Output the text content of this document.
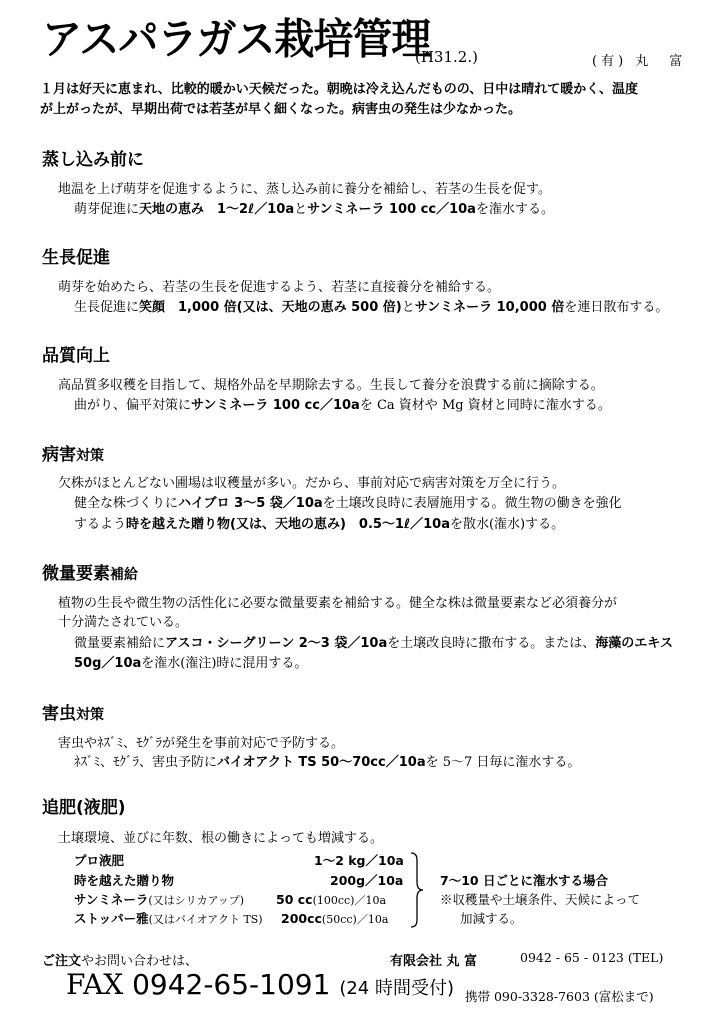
アスパラガス栽培管理
(H31.2.)	(有) 丸　富
１月は好天に恵まれ、比較的暖かい天候だった。朝晩は冷え込んだものの、日中は晴れて暖かく、温度
が上がったが、早期出荷では若茎が早く細くなった。病害虫の発生は少なかった。
蒸し込み前に
地温を上げ萌芽を促進するように、蒸し込み前に養分を補給し、若茎の生長を促す。
萌芽促進に天地の恵み　1～2ℓ／10aとサンミネーラ 100 cc／10aを潅水する。
生長促進
萌芽を始めたら、若茎の生長を促進するよう、若茎に直接養分を補給する。
生長促進に笑顔　1,000 倍(又は、天地の恵み 500 倍)とサンミネーラ 10,000 倍を連日散布する。
品質向上
高品質多収穫を目指して、規格外品を早期除去する。生長して養分を浪費する前に摘除する。
曲がり、偏平対策にサンミネーラ 100 cc／10aを Ca 資材や Mg 資材と同時に潅水する。
病害対策
欠株がほとんどない圃場は収穫量が多い。だから、事前対応で病害対策を万全に行う。
健全な株づくりにハイブロ 3～5 袋／10aを土壌改良時に表層施用する。微生物の働きを強化
するよう時を越えた贈り物(又は、天地の恵み)　0.5～1ℓ／10aを散水(潅水)する。
微量要素補給
植物の生長や微生物の活性化に必要な微量要素を補給する。健全な株は微量要素など必須養分が
十分満たされている。
微量要素補給にアスコ・シーグリーン 2～3 袋／10aを土壌改良時に撒布する。または、海藻のエキス
50g／10aを潅水(潅注)時に混用する。
害虫対策
害虫やﾈｽﾞﾐ、ﾓｸﾞﾗが発生を事前対応で予防する。
ﾈｽﾞﾐ、ﾓｸﾞﾗ、害虫予防にバイオアクト TS 50～70cc／10aを 5～7 日毎に潅水する。
追肥(液肥)
土壌環境、並びに年数、根の働きによっても増減する。
プロ液肥	1～2 kg／10a
時を越えた贈り物	200g／10a
サンミネーラ(又はシリカアップ)	50 cc(100cc)／10a
ストッパー雅(又はバイオアクト TS) 200cc(50cc)／10a
7～10 日ごとに潅水する場合
※収穫量や土壌条件、天候によって
加減する。
ご注文やお問い合わせは、	有限会社 丸 富	0942 - 65 - 0123 (TEL)
FAX 0942-65-1091 (24 時間受付) 携帯 090-3328-7603 (富松まで)
